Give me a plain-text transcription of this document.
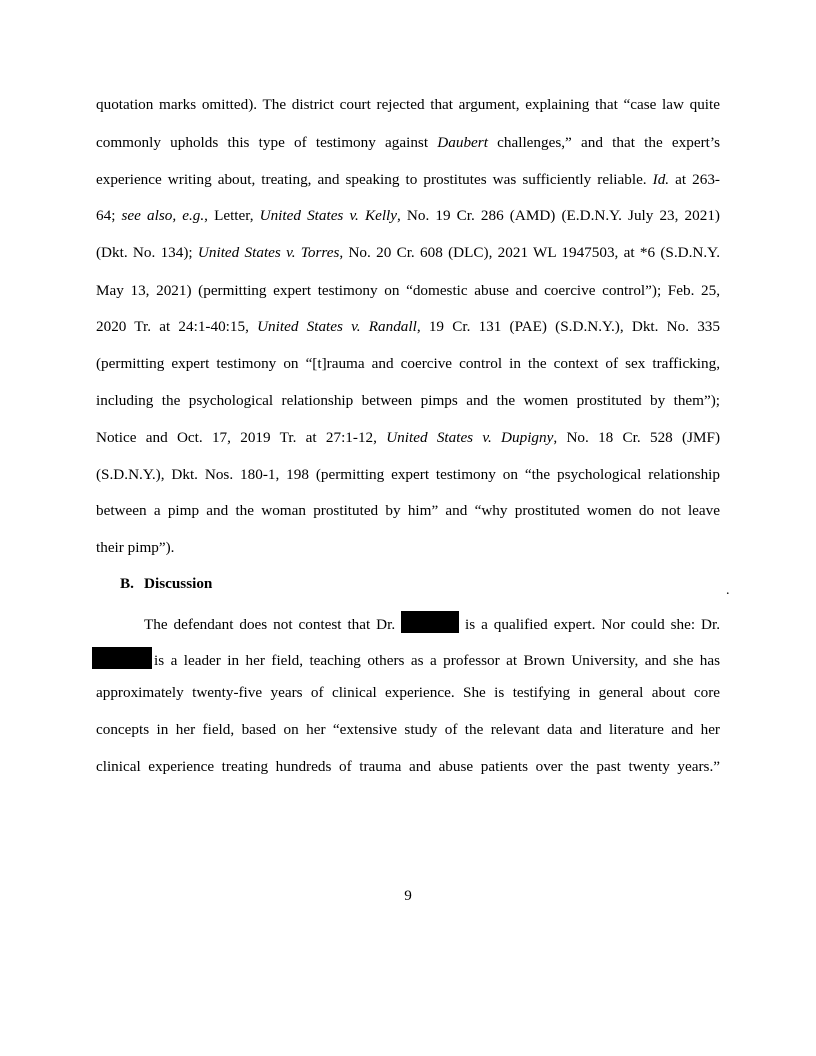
quotation marks omitted). The district court rejected that argument, explaining that “case law quite
commonly upholds this type of testimony against Daubert challenges,” and that the expert’s
experience writing about, treating, and speaking to prostitutes was sufficiently reliable. Id. at 263-
64; see also, e.g., Letter, United States v. Kelly, No. 19 Cr. 286 (AMD) (E.D.N.Y. July 23, 2021)
(Dkt. No. 134); United States v. Torres, No. 20 Cr. 608 (DLC), 2021 WL 1947503, at *6 (S.D.N.Y.
May 13, 2021) (permitting expert testimony on “domestic abuse and coercive control”); Feb. 25,
2020 Tr. at 24:1-40:15, United States v. Randall, 19 Cr. 131 (PAE) (S.D.N.Y.), Dkt. No. 335
(permitting expert testimony on “[t]rauma and coercive control in the context of sex trafficking,
including the psychological relationship between pimps and the women prostituted by them”);
Notice and Oct. 17, 2019 Tr. at 27:1-12, United States v. Dupigny, No. 18 Cr. 528 (JMF)
(S.D.N.Y.), Dkt. Nos. 180-1, 198 (permitting expert testimony on “the psychological relationship
between a pimp and the woman prostituted by him” and “why prostituted women do not leave
their pimp”).
B. Discussion	.
The defendant does not contest that Dr.	is a qualified expert. Nor could she: Dr.
is a leader in her field, teaching others as a professor at Brown University, and she has
approximately twenty-five years of clinical experience. She is testifying in general about core
concepts in her field, based on her “extensive study of the relevant data and literature and her
clinical experience treating hundreds of trauma and abuse patients over the past twenty years.”
9
